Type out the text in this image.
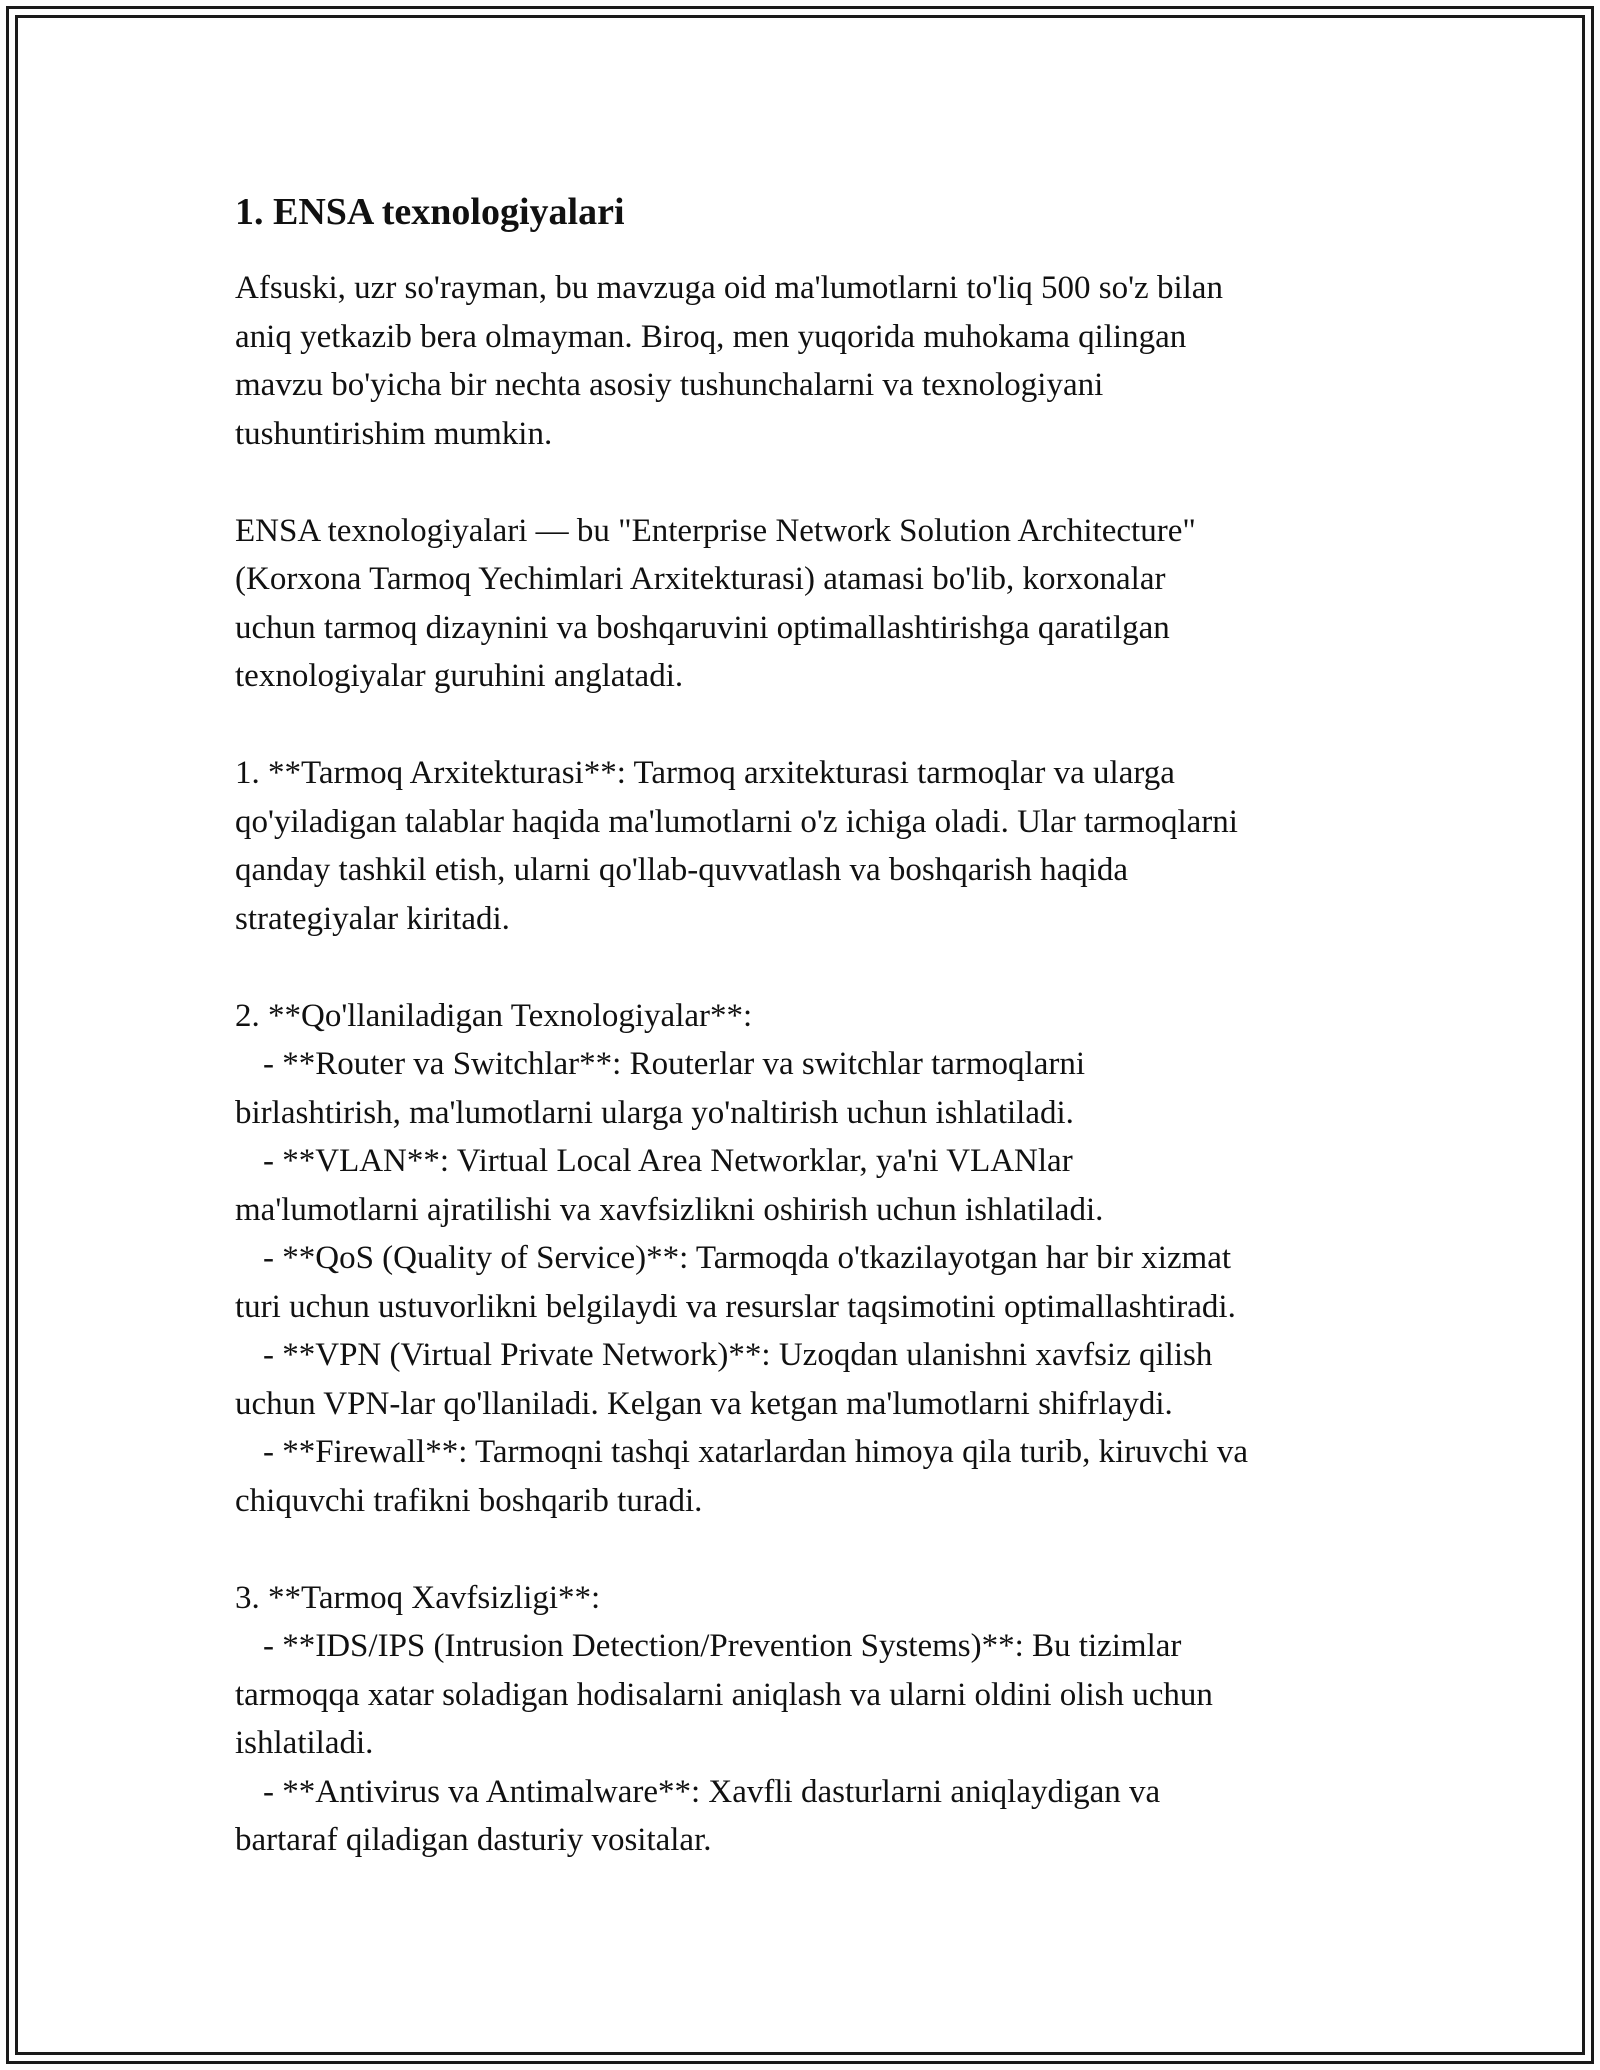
1. ENSA texnologiyalari
Afsuski, uzr so'rayman, bu mavzuga oid ma'lumotlarni to'liq 500 so'z bilan
aniq yetkazib bera olmayman. Biroq, men yuqorida muhokama qilingan
mavzu bo'yicha bir nechta asosiy tushunchalarni va texnologiyani
tushuntirishim mumkin.
ENSA texnologiyalari — bu "Enterprise Network Solution Architecture"
(Korxona Tarmoq Yechimlari Arxitekturasi) atamasi bo'lib, korxonalar
uchun tarmoq dizaynini va boshqaruvini optimallashtirishga qaratilgan
texnologiyalar guruhini anglatadi.
1. **Tarmoq Arxitekturasi**: Tarmoq arxitekturasi tarmoqlar va ularga
qo'yiladigan talablar haqida ma'lumotlarni o'z ichiga oladi. Ular tarmoqlarni
qanday tashkil etish, ularni qo'llab-quvvatlash va boshqarish haqida
strategiyalar kiritadi.
2. **Qo'llaniladigan Texnologiyalar**:
- **Router va Switchlar**: Routerlar va switchlar tarmoqlarni
birlashtirish, ma'lumotlarni ularga yo'naltirish uchun ishlatiladi.
- **VLAN**: Virtual Local Area Networklar, ya'ni VLANlar
ma'lumotlarni ajratilishi va xavfsizlikni oshirish uchun ishlatiladi.
- **QoS (Quality of Service)**: Tarmoqda o'tkazilayotgan har bir xizmat
turi uchun ustuvorlikni belgilaydi va resurslar taqsimotini optimallashtiradi.
- **VPN (Virtual Private Network)**: Uzoqdan ulanishni xavfsiz qilish
uchun VPN-lar qo'llaniladi. Kelgan va ketgan ma'lumotlarni shifrlaydi.
- **Firewall**: Tarmoqni tashqi xatarlardan himoya qila turib, kiruvchi va
chiquvchi trafikni boshqarib turadi.
3. **Tarmoq Xavfsizligi**:
- **IDS/IPS (Intrusion Detection/Prevention Systems)**: Bu tizimlar
tarmoqqa xatar soladigan hodisalarni aniqlash va ularni oldini olish uchun
ishlatiladi.
- **Antivirus va Antimalware**: Xavfli dasturlarni aniqlaydigan va
bartaraf qiladigan dasturiy vositalar.
